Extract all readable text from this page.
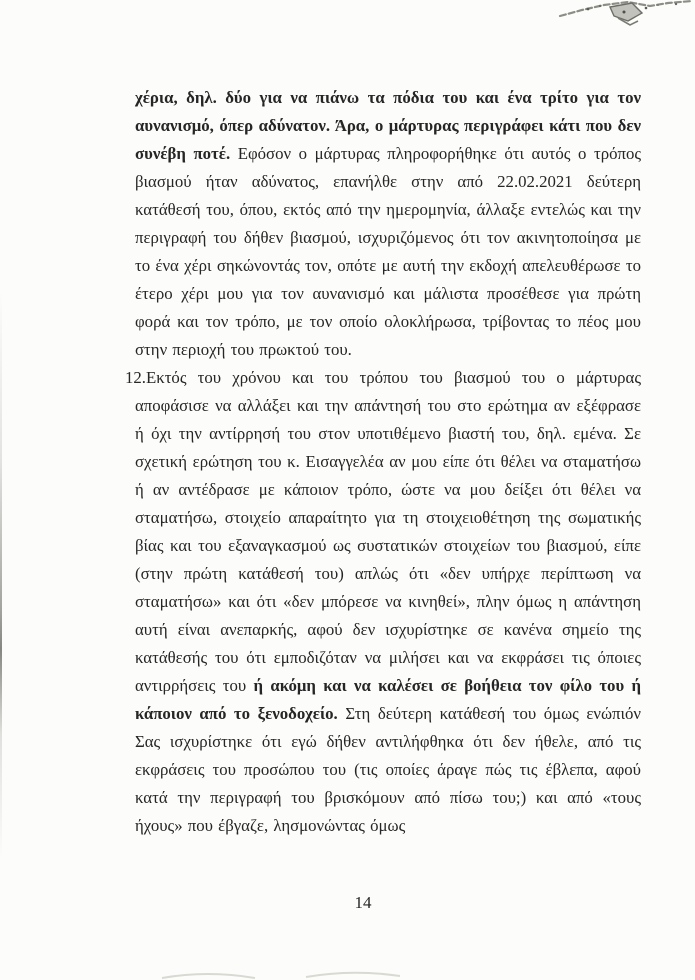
χέρια, δηλ. δύο για να πιάνω τα πόδια του και ένα τρίτο για τον αυνανισμό, όπερ αδύνατον. Άρα, ο μάρτυρας περιγράφει κάτι που δεν συνέβη ποτέ. Εφόσον ο μάρτυρας πληροφορήθηκε ότι αυτός ο τρόπος βιασμού ήταν αδύνατος, επανήλθε στην από 22.02.2021 δεύτερη κατάθεσή του, όπου, εκτός από την ημερομηνία, άλλαξε εντελώς και την περιγραφή του δήθεν βιασμού, ισχυριζόμενος ότι τον ακινητοποίησα με το ένα χέρι σηκώνοντάς τον, οπότε με αυτή την εκδοχή απελευθέρωσε το έτερο χέρι μου για τον αυνανισμό και μάλιστα προσέθεσε για πρώτη φορά και τον τρόπο, με τον οποίο ολοκλήρωσα, τρίβοντας το πέος μου στην περιοχή του πρωκτού του.

12.Εκτός του χρόνου και του τρόπου του βιασμού του ο μάρτυρας αποφάσισε να αλλάξει και την απάντησή του στο ερώτημα αν εξέφρασε ή όχι την αντίρρησή του στον υποτιθέμενο βιαστή του, δηλ. εμένα. Σε σχετική ερώτηση του κ. Εισαγγελέα αν μου είπε ότι θέλει να σταματήσω ή αν αντέδρασε με κάποιον τρόπο, ώστε να μου δείξει ότι θέλει να σταματήσω, στοιχείο απαραίτητο για τη στοιχειοθέτηση της σωματικής βίας και του εξαναγκασμού ως συστατικών στοιχείων του βιασμού, είπε (στην πρώτη κατάθεσή του) απλώς ότι «δεν υπήρχε περίπτωση να σταματήσω» και ότι «δεν μπόρεσε να κινηθεί», πλην όμως η απάντηση αυτή είναι ανεπαρκής, αφού δεν ισχυρίστηκε σε κανένα σημείο της κατάθεσής του ότι εμποδιζόταν να μιλήσει και να εκφράσει τις όποιες αντιρρήσεις του ή ακόμη και να καλέσει σε βοήθεια τον φίλο του ή κάποιον από το ξενοδοχείο. Στη δεύτερη κατάθεσή του όμως ενώπιόν Σας ισχυρίστηκε ότι εγώ δήθεν αντιλήφθηκα ότι δεν ήθελε, από τις εκφράσεις του προσώπου του (τις οποίες άραγε πώς τις έβλεπα, αφού κατά την περιγραφή του βρισκόμουν από πίσω του;) και από «τους ήχους» που έβγαζε, λησμονώντας όμως

14
